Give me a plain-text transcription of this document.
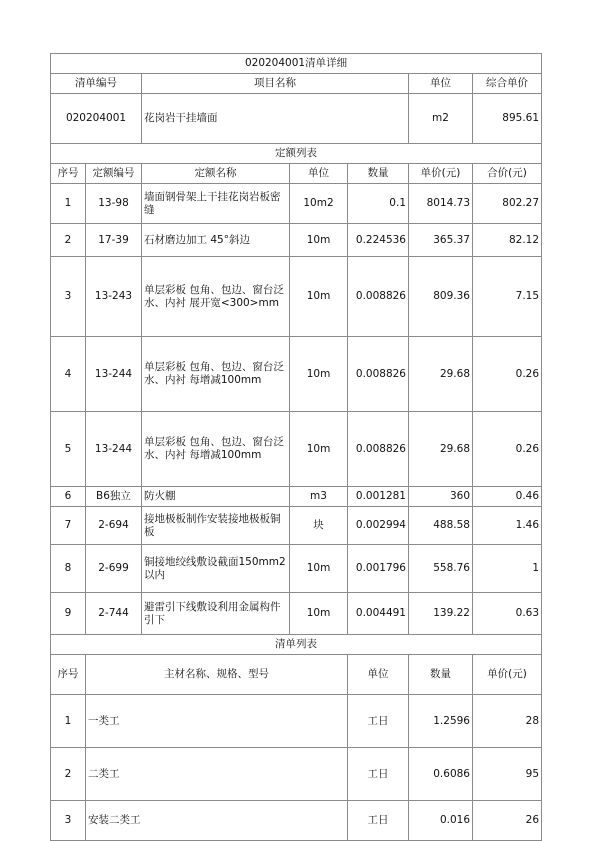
020204001清单详细							
清单编号		项目名称			单位	综合单价	
020204001		花岗岩干挂墙面			m2	895.61	
定额列表							
序号	定额编号	定额名称	单位	数量	单价(元)	合价(元)	
1	13-98	墙面钢骨架上干挂花岗岩板密缝	10m2	0.1	8014.73	802.27	
2	17-39	石材磨边加工 45°斜边	10m	0.224536	365.37	82.12	
3	13-243	单层彩板 包角、包边、窗台泛水、内衬 展开宽<300>mm	10m	0.008826	809.36	7.15	
4	13-244	单层彩板 包角、包边、窗台泛水、内衬 每增减100mm	10m	0.008826	29.68	0.26	
5	13-244	单层彩板 包角、包边、窗台泛水、内衬 每增减100mm	10m	0.008826	29.68	0.26	
6	B6独立	防火棚	m3	0.001281	360	0.46	
7	2-694	接地极板制作安装接地极板铜板	块	0.002994	488.58	1.46	
8	2-699	铜接地绞线敷设截面150mm2以内	10m	0.001796	558.76	1	
9	2-744	避雷引下线敷设利用金属构件引下	10m	0.004491	139.22	0.63	
清单列表							
序号	主材名称、规格、型号			单位	数量	单价(元)	
1	一类工			工日	1.2596	28	
2	二类工			工日	0.6086	95	
3	安装二类工			工日	0.016	26	
